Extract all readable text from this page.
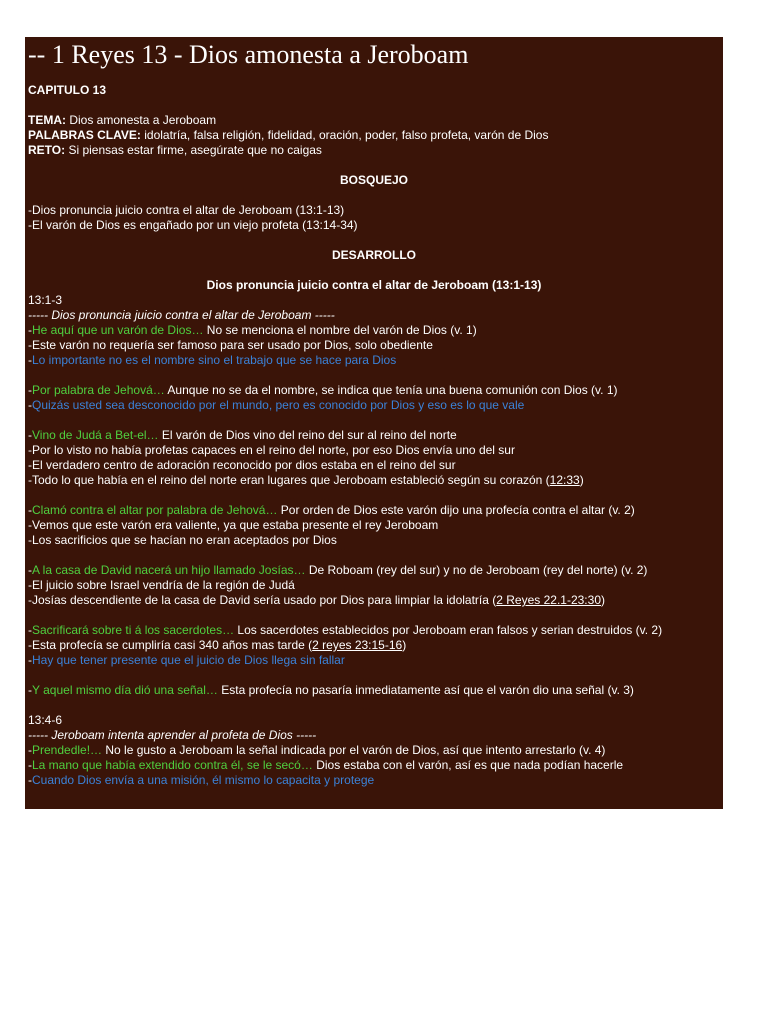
-- 1 Reyes 13 - Dios amonesta a Jeroboam
CAPITULO 13
TEMA: Dios amonesta a Jeroboam
PALABRAS CLAVE: idolatría, falsa religión, fidelidad, oración, poder, falso profeta, varón de Dios
RETO: Si piensas estar firme, asegúrate que no caigas
BOSQUEJO
-Dios pronuncia juicio contra el altar de Jeroboam (13:1-13)
-El varón de Dios es engañado por un viejo profeta (13:14-34)
DESARROLLO
Dios pronuncia juicio contra el altar de Jeroboam (13:1-13)
13:1-3
----- Dios pronuncia juicio contra el altar de Jeroboam -----
-He aquí que un varón de Dios… No se menciona el nombre del varón de Dios (v. 1)
-Este varón no requería ser famoso para ser usado por Dios, solo obediente
-Lo importante no es el nombre sino el trabajo que se hace para Dios
-Por palabra de Jehová… Aunque no se da el nombre, se indica que tenía una buena comunión con Dios (v. 1)
-Quizás usted sea desconocido por el mundo, pero es conocido por Dios y eso es lo que vale
-Vino de Judá a Bet-el… El varón de Dios vino del reino del sur al reino del norte
-Por lo visto no había profetas capaces en el reino del norte, por eso Dios envía uno del sur
-El verdadero centro de adoración reconocido por dios estaba en el reino del sur
-Todo lo que había en el reino del norte eran lugares que Jeroboam estableció según su corazón (12:33)
-Clamó contra el altar por palabra de Jehová… Por orden de Dios este varón dijo una profecía contra el altar (v. 2)
-Vemos que este varón era valiente, ya que estaba presente el rey Jeroboam
-Los sacrificios que se hacían no eran aceptados por Dios
-A la casa de David nacerá un hijo llamado Josías… De Roboam (rey del sur) y no de Jeroboam (rey del norte) (v. 2)
-El juicio sobre Israel vendría de la región de Judá
-Josías descendiente de la casa de David sería usado por Dios para limpiar la idolatría (2 Reyes 22.1-23:30)
-Sacrificará sobre ti á los sacerdotes… Los sacerdotes establecidos por Jeroboam eran falsos y serian destruidos (v. 2)
-Esta profecía se cumpliría casi 340 años mas tarde (2 reyes 23:15-16)
-Hay que tener presente que el juicio de Dios llega sin fallar
-Y aquel mismo día dió una señal… Esta profecía no pasaría inmediatamente así que el varón dio una señal (v. 3)
13:4-6
----- Jeroboam intenta aprender al profeta de Dios -----
-Prendedle!… No le gusto a Jeroboam la señal indicada por el varón de Dios, así que intento arrestarlo (v. 4)
-La mano que había extendido contra él, se le secó… Dios estaba con el varón, así es que nada podían hacerle
-Cuando Dios envía a una misión, él mismo lo capacita y protege
